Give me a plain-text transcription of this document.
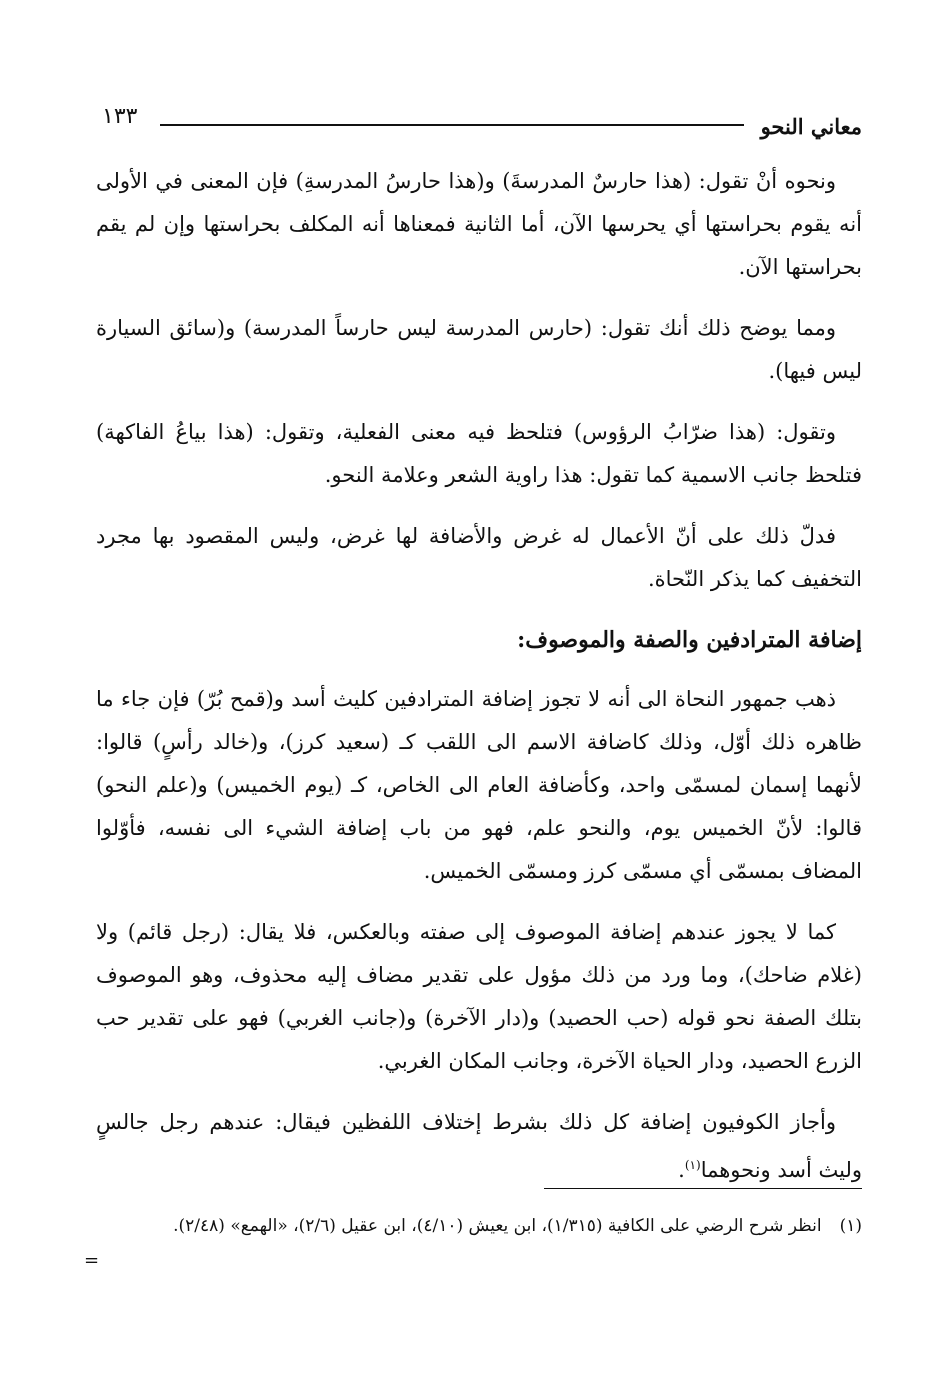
معاني النحو
١٣٣

ونحوه أنْ تقول: (هذا حارسٌ المدرسةَ) و(هذا حارسُ المدرسةِ) فإن المعنى في الأولى أنه يقوم بحراستها أي يحرسها الآن، أما الثانية فمعناها أنه المكلف بحراستها وإن لم يقم بحراستها الآن.

ومما يوضح ذلك أنك تقول: (حارس المدرسة ليس حارساً المدرسة) و(سائق السيارة ليس فيها).

وتقول: (هذا ضرّابُ الرؤوس) فتلحظ فيه معنى الفعلية، وتقول: (هذا بياعُ الفاكهة) فتلحظ جانب الاسمية كما تقول: هذا راوية الشعر وعلامة النحو.

فدلّ ذلك على أنّ الأعمال له غرض والأضافة لها غرض، وليس المقصود بها مجرد التخفيف كما يذكر النّحاة.

إضافة المترادفين والصفة والموصوف:

ذهب جمهور النحاة الى أنه لا تجوز إضافة المترادفين كليث أسد و(قمح بُرّ) فإن جاء ما ظاهره ذلك أوّل، وذلك كاضافة الاسم الى اللقب كـ (سعيد كرز)، و(خالد رأسٍ) قالوا: لأنهما إسمان لمسمّى واحد، وكأضافة العام الى الخاص، كـ (يوم الخميس) و(علم النحو) قالوا: لأنّ الخميس يوم، والنحو علم، فهو من باب إضافة الشيء الى نفسه، فأوّلوا المضاف بمسمّى أي مسمّى كرز ومسمّى الخميس.

كما لا يجوز عندهم إضافة الموصوف إلى صفته وبالعكس، فلا يقال: (رجل قائم) ولا (غلام ضاحك)، وما ورد من ذلك مؤول على تقدير مضاف إليه محذوف، وهو الموصوف بتلك الصفة نحو قوله (حب الحصيد) و(دار الآخرة) و(جانب الغربي) فهو على تقدير حب الزرع الحصيد، ودار الحياة الآخرة، وجانب المكان الغربي.

وأجاز الكوفيون إضافة كل ذلك بشرط إختلاف اللفظين فيقال: عندهم رجل جالسٍ وليث أسد ونحوهما$^{(١)}$.

(١)انظر شرح الرضي على الكافية (١/٣١٥)، ابن يعيش (٤/١٠)، ابن عقيل (٢/٦)، «الهمع» (٢/٤٨).
=
